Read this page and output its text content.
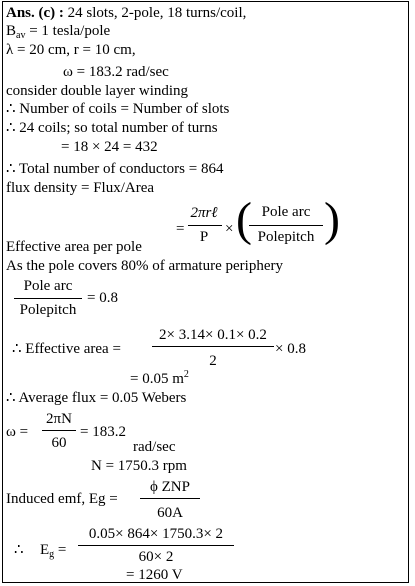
Ans. (c) : 24 slots, 2-pole, 18 turns/coil,

$B_{av} = 1$ tesla/pole

λ = 20 cm, r = 10 cm,

ω = 183.2 rad/sec

consider double layer winding

∴ Number of coils = Number of slots

∴ 24 coils; so total number of turns

= 18 × 24 = 432

∴ Total number of conductors = 864

flux density = Flux/Area

=

2πrℓ

P	× ( Pole arc

Polepitch )

Effective area per pole

As the pole covers 80% of armature periphery

Pole arc

Polepitch

= 0.8

∴ Effective area =

2× 3.14× 0.1× 0.2

2

× 0.8

= 0.05 $m^2$

∴ Average flux = 0.05 Webers

ω =

2πN

60

= 183.2

rad/sec

N = 1750.3 rpm

Induced emf, Eg =

ϕ ZNP

60A

∴ $E_g$ =

0.05× 864× 1750.3× 2

60× 2

= 1260 V
